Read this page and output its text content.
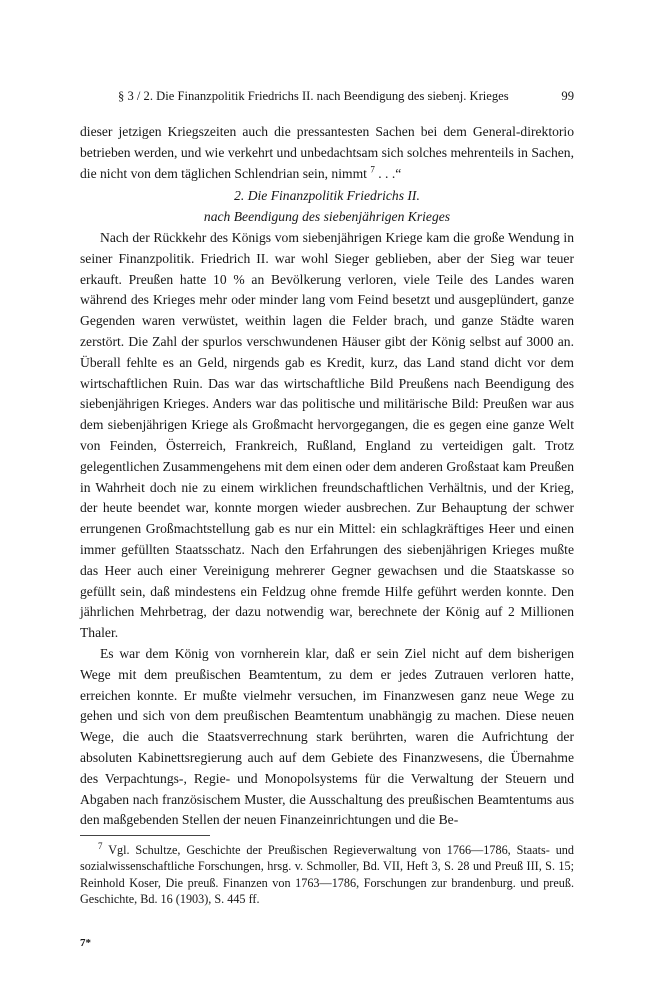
§ 3 / 2. Die Finanzpolitik Friedrichs II. nach Beendigung des siebenj. Krieges	99

dieser jetzigen Kriegszeiten auch die pressantesten Sachen bei dem General-direktorio betrieben werden, und wie verkehrt und unbedachtsam sich solches mehrenteils in Sachen, die nicht von dem täglichen Schlendrian sein, nimmt $^7$ . . .“

2. Die Finanzpolitik Friedrichs II.
nach Beendigung des siebenjährigen Krieges

Nach der Rückkehr des Königs vom siebenjährigen Kriege kam die große Wendung in seiner Finanzpolitik. Friedrich II. war wohl Sieger geblieben, aber der Sieg war teuer erkauft. Preußen hatte 10 % an Bevölkerung verloren, viele Teile des Landes waren während des Krieges mehr oder minder lang vom Feind besetzt und ausgeplündert, ganze Gegenden waren verwüstet, weithin lagen die Felder brach, und ganze Städte waren zerstört. Die Zahl der spurlos verschwundenen Häuser gibt der König selbst auf 3000 an. Überall fehlte es an Geld, nirgends gab es Kredit, kurz, das Land stand dicht vor dem wirtschaftlichen Ruin. Das war das wirtschaftliche Bild Preußens nach Beendigung des siebenjährigen Krieges. Anders war das politische und militärische Bild: Preußen war aus dem siebenjährigen Kriege als Großmacht hervorgegangen, die es gegen eine ganze Welt von Feinden, Österreich, Frankreich, Rußland, England zu verteidigen galt. Trotz gelegentlichen Zusammengehens mit dem einen oder dem anderen Großstaat kam Preußen in Wahrheit doch nie zu einem wirklichen freundschaftlichen Verhältnis, und der Krieg, der heute beendet war, konnte morgen wieder ausbrechen. Zur Behauptung der schwer errungenen Großmachtstellung gab es nur ein Mittel: ein schlagkräftiges Heer und einen immer gefüllten Staatsschatz. Nach den Erfahrungen des siebenjährigen Krieges mußte das Heer auch einer Vereinigung mehrerer Gegner gewachsen und die Staatskasse so gefüllt sein, daß mindestens ein Feldzug ohne fremde Hilfe geführt werden konnte. Den jährlichen Mehrbetrag, der dazu notwendig war, berechnete der König auf 2 Millionen Thaler.

Es war dem König von vornherein klar, daß er sein Ziel nicht auf dem bisherigen Wege mit dem preußischen Beamtentum, zu dem er jedes Zutrauen verloren hatte, erreichen konnte. Er mußte vielmehr versuchen, im Finanzwesen ganz neue Wege zu gehen und sich von dem preußischen Beamtentum unabhängig zu machen. Diese neuen Wege, die auch die Staatsverrechnung stark berührten, waren die Aufrichtung der absoluten Kabinettsregierung auch auf dem Gebiete des Finanzwesens, die Übernahme des Verpachtungs-, Regie- und Monopolsystems für die Verwaltung der Steuern und Abgaben nach französischem Muster, die Ausschaltung des preußischen Beamtentums aus den maßgebenden Stellen der neuen Finanzeinrichtungen und die Be-

$^7$ Vgl. Schultze, Geschichte der Preußischen Regieverwaltung von 1766—1786, Staats- und sozialwissenschaftliche Forschungen, hrsg. v. Schmoller, Bd. VII, Heft 3, S. 28 und Preuß III, S. 15; Reinhold Koser, Die preuß. Finanzen von 1763—1786, Forschungen zur brandenburg. und preuß. Geschichte, Bd. 16 (1903), S. 445 ff.

7*
